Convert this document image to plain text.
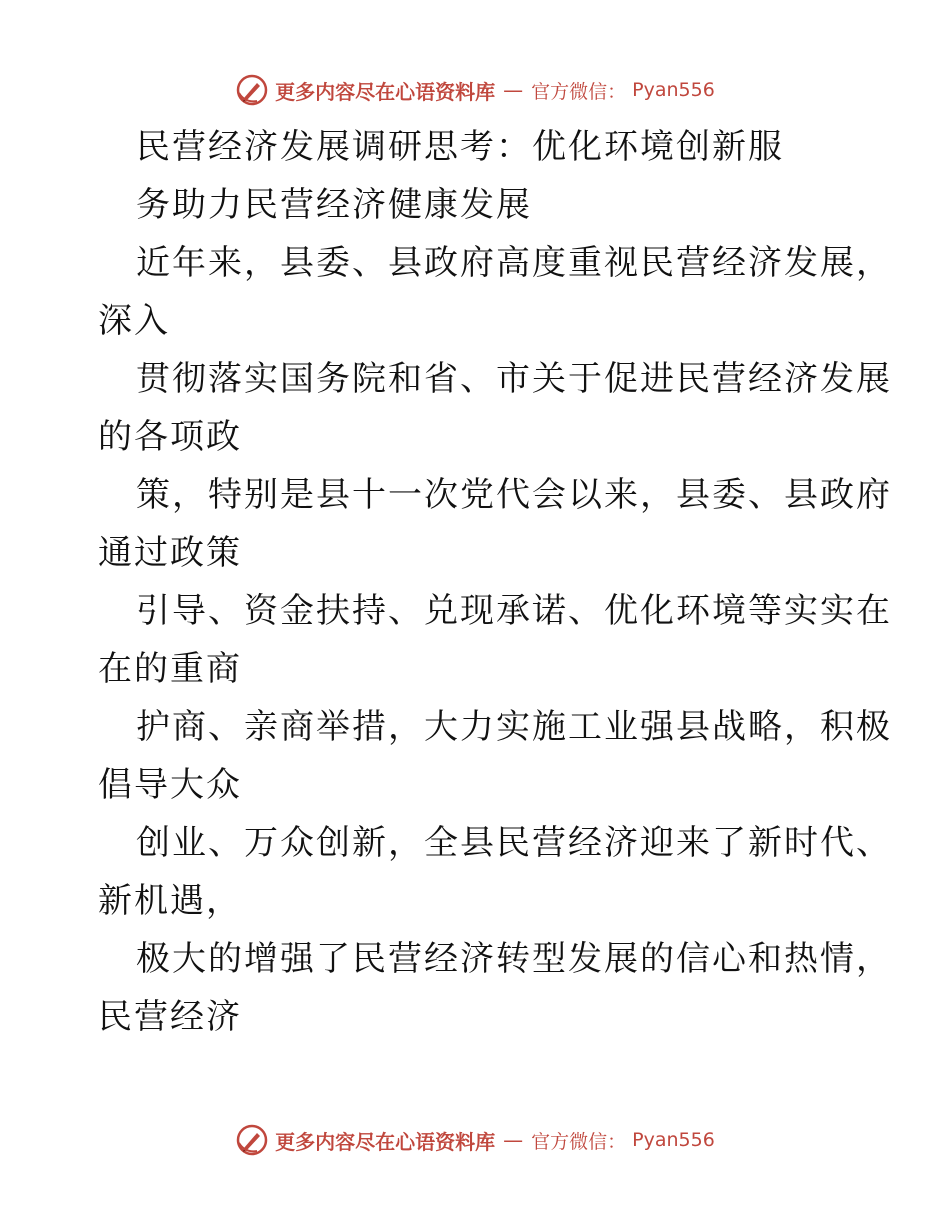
更多内容尽在心语资料库 — 官方微信： Pyan556
民营经济发展调研思考：优化环境创新服
务助力民营经济健康发展
近年来，县委、县政府高度重视民营经济发展，
深入
贯彻落实国务院和省、市关于促进民营经济发展
的各项政
策，特别是县十一次党代会以来，县委、县政府
通过政策
引导、资金扶持、兑现承诺、优化环境等实实在
在的重商
护商、亲商举措，大力实施工业强县战略，积极
倡导大众
创业、万众创新，全县民营经济迎来了新时代、
新机遇，
极大的增强了民营经济转型发展的信心和热情，
民营经济
更多内容尽在心语资料库 — 官方微信： Pyan556
